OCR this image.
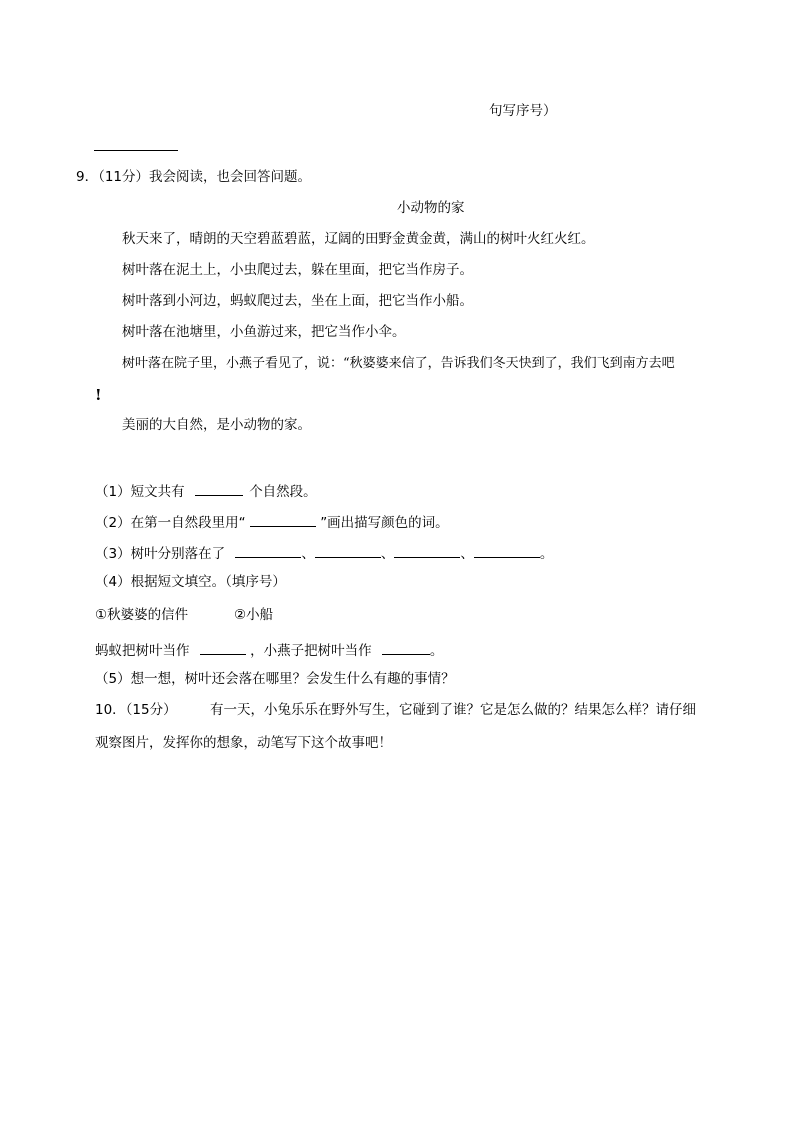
句写序号）
9．（11分）我会阅读，也会回答问题。
小动物的家
秋天来了，晴朗的天空碧蓝碧蓝，辽阔的田野金黄金黄，满山的树叶火红火红。
树叶落在泥土上，小虫爬过去，躲在里面，把它当作房子。
树叶落到小河边，蚂蚁爬过去，坐在上面，把它当作小船。
树叶落在池塘里，小鱼游过来，把它当作小伞。
树叶落在院子里，小燕子看见了，说：“秋婆婆来信了，告诉我们冬天快到了，我们飞到南方去吧
!
美丽的大自然，是小动物的家。
（1）短文共有	个自然段。
（2）在第一自然段里用“	”画出描写颜色的词。
（3）树叶分别落在了	、	、	、	。
（4）根据短文填空。（填序号）
①秋婆婆的信件	②小船
蚂蚁把树叶当作	，小燕子把树叶当作	。
（5）想一想，树叶还会落在哪里？会发生什么有趣的事情？
10．（15分） 有一天，小兔乐乐在野外写生，它碰到了谁？它是怎么做的？结果怎么样？请仔细
观察图片，发挥你的想象，动笔写下这个故事吧！
